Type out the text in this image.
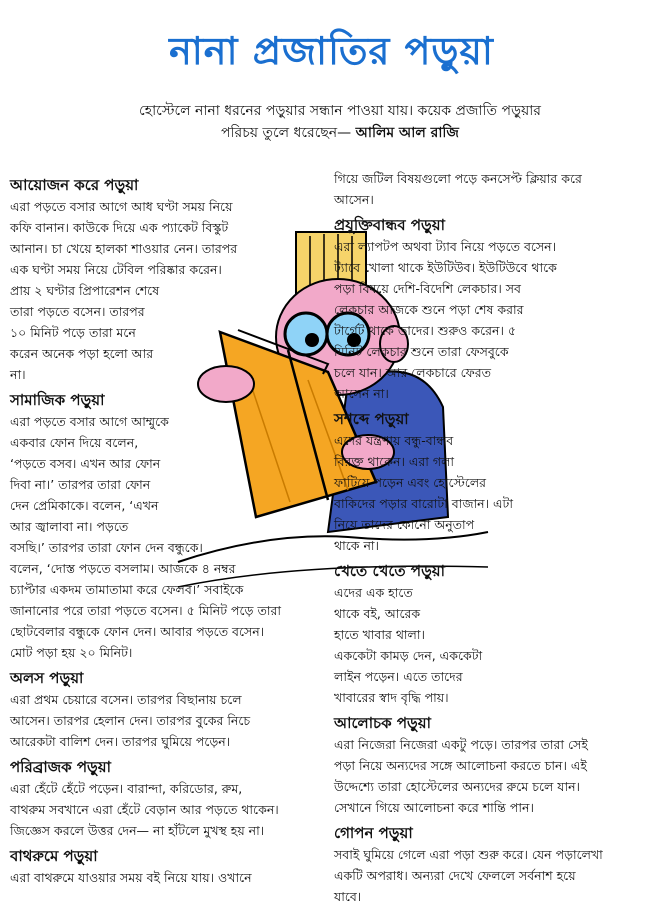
নানা প্রজাতির পড়ুয়া
হোস্টেলে নানা ধরনের পড়ুয়ার সন্ধান পাওয়া যায়। কয়েক প্রজাতি পড়ুয়ার
পরিচয় তুলে ধরেছেন— আলিম আল রাজি
আয়োজন করে পড়ুয়া

এরা পড়তে বসার আগে আধ ঘণ্টা সময় নিয়ে
কফি বানান। কাউকে দিয়ে এক প্যাকেট বিস্কুট
আনান। চা খেয়ে হালকা শাওয়ার নেন। তারপর
এক ঘণ্টা সময় নিয়ে টেবিল পরিষ্কার করেন।
প্রায় ২ ঘণ্টার প্রিপারেশন শেষে
তারা পড়তে বসেন। তারপর
১০ মিনিট পড়ে তারা মনে
করেন অনেক পড়া হলো আর
না।

সামাজিক পড়ুয়া

এরা পড়তে বসার আগে আম্মুকে
একবার ফোন দিয়ে বলেন,
‘পড়তে বসব। এখন আর ফোন
দিবা না।’ তারপর তারা ফোন
দেন প্রেমিকাকে। বলেন, ‘এখন
আর জ্বালাবা না। পড়তে
বসছি।’ তারপর তারা ফোন দেন বন্ধুকে।
বলেন, ‘দোস্ত পড়তে বসলাম। আজকে ৪ নম্বর
চ্যাপ্টার একদম তামাতামা করে ফেলব।’ সবাইকে
জানানোর পরে তারা পড়তে বসেন। ৫ মিনিট পড়ে তারা
ছোটবেলার বন্ধুকে ফোন দেন। আবার পড়তে বসেন।
মোট পড়া হয় ২০ মিনিট।

অলস পড়ুয়া

এরা প্রথম চেয়ারে বসেন। তারপর বিছানায় চলে
আসেন। তারপর হেলান দেন। তারপর বুকের নিচে
আরেকটা বালিশ দেন। তারপর ঘুমিয়ে পড়েন।

পরিব্রাজক পড়ুয়া

এরা হেঁটে হেঁটে পড়েন। বারান্দা, করিডোর, রুম,
বাথরুম সবখানে এরা হেঁটে বেড়ান আর পড়তে থাকেন।
জিজ্ঞেস করলে উত্তর দেন— না হাঁটলে মুখস্থ হয় না।

বাথরুমে পড়ুয়া

এরা বাথরুমে যাওয়ার সময় বই নিয়ে যায়। ওখানে

গিয়ে জটিল বিষয়গুলো পড়ে কনসেপ্ট ক্লিয়ার করে
আসেন।

প্রযুক্তিবান্ধব পড়ুয়া

এরা ল্যাপটপ অথবা ট্যাব নিয়ে পড়তে বসেন।
ট্যাবে খোলা থাকে ইউটিউব। ইউটিউবে থাকে
পড়া বিষয়ে দেশি-বিদেশি লেকচার। সব
লেকচার আজকে শুনে পড়া শেষ করার
টার্গেট থাকে তাদের। শুরুও করেন। ৫
মিনিট লেকচার শুনে তারা ফেসবুকে
চলে যান। আর লেকচারে ফেরত
আসেন না।

সশব্দে পড়ুয়া

এদের যন্ত্রণায় বন্ধু-বান্ধব
বিরক্ত থাকেন। এরা গলা
ফাটিয়ে পড়েন এবং হোস্টেলের
বাকিদের পড়ার বারোটা বাজান। এটা
নিয়ে তাদের কোনো অনুতাপ
থাকে না।

খেতে খেতে পড়ুয়া

এদের এক হাতে
থাকে বই, আরেক
হাতে খাবার থালা।
এককেটা কামড় দেন, এককেটা
লাইন পড়েন। এতে তাদের
খাবারের স্বাদ বৃদ্ধি পায়।

আলোচক পড়ুয়া

এরা নিজেরা নিজেরা একটু পড়ে। তারপর তারা সেই
পড়া নিয়ে অন্যদের সঙ্গে আলোচনা করতে চান। এই
উদ্দেশ্যে তারা হোস্টেলের অন্যদের রুমে চলে যান।
সেখানে গিয়ে আলোচনা করে শান্তি পান।

গোপন পড়ুয়া

সবাই ঘুমিয়ে গেলে এরা পড়া শুরু করে। যেন পড়ালেখা
একটি অপরাধ। অন্যরা দেখে ফেললে সর্বনাশ হয়ে
যাবে।
